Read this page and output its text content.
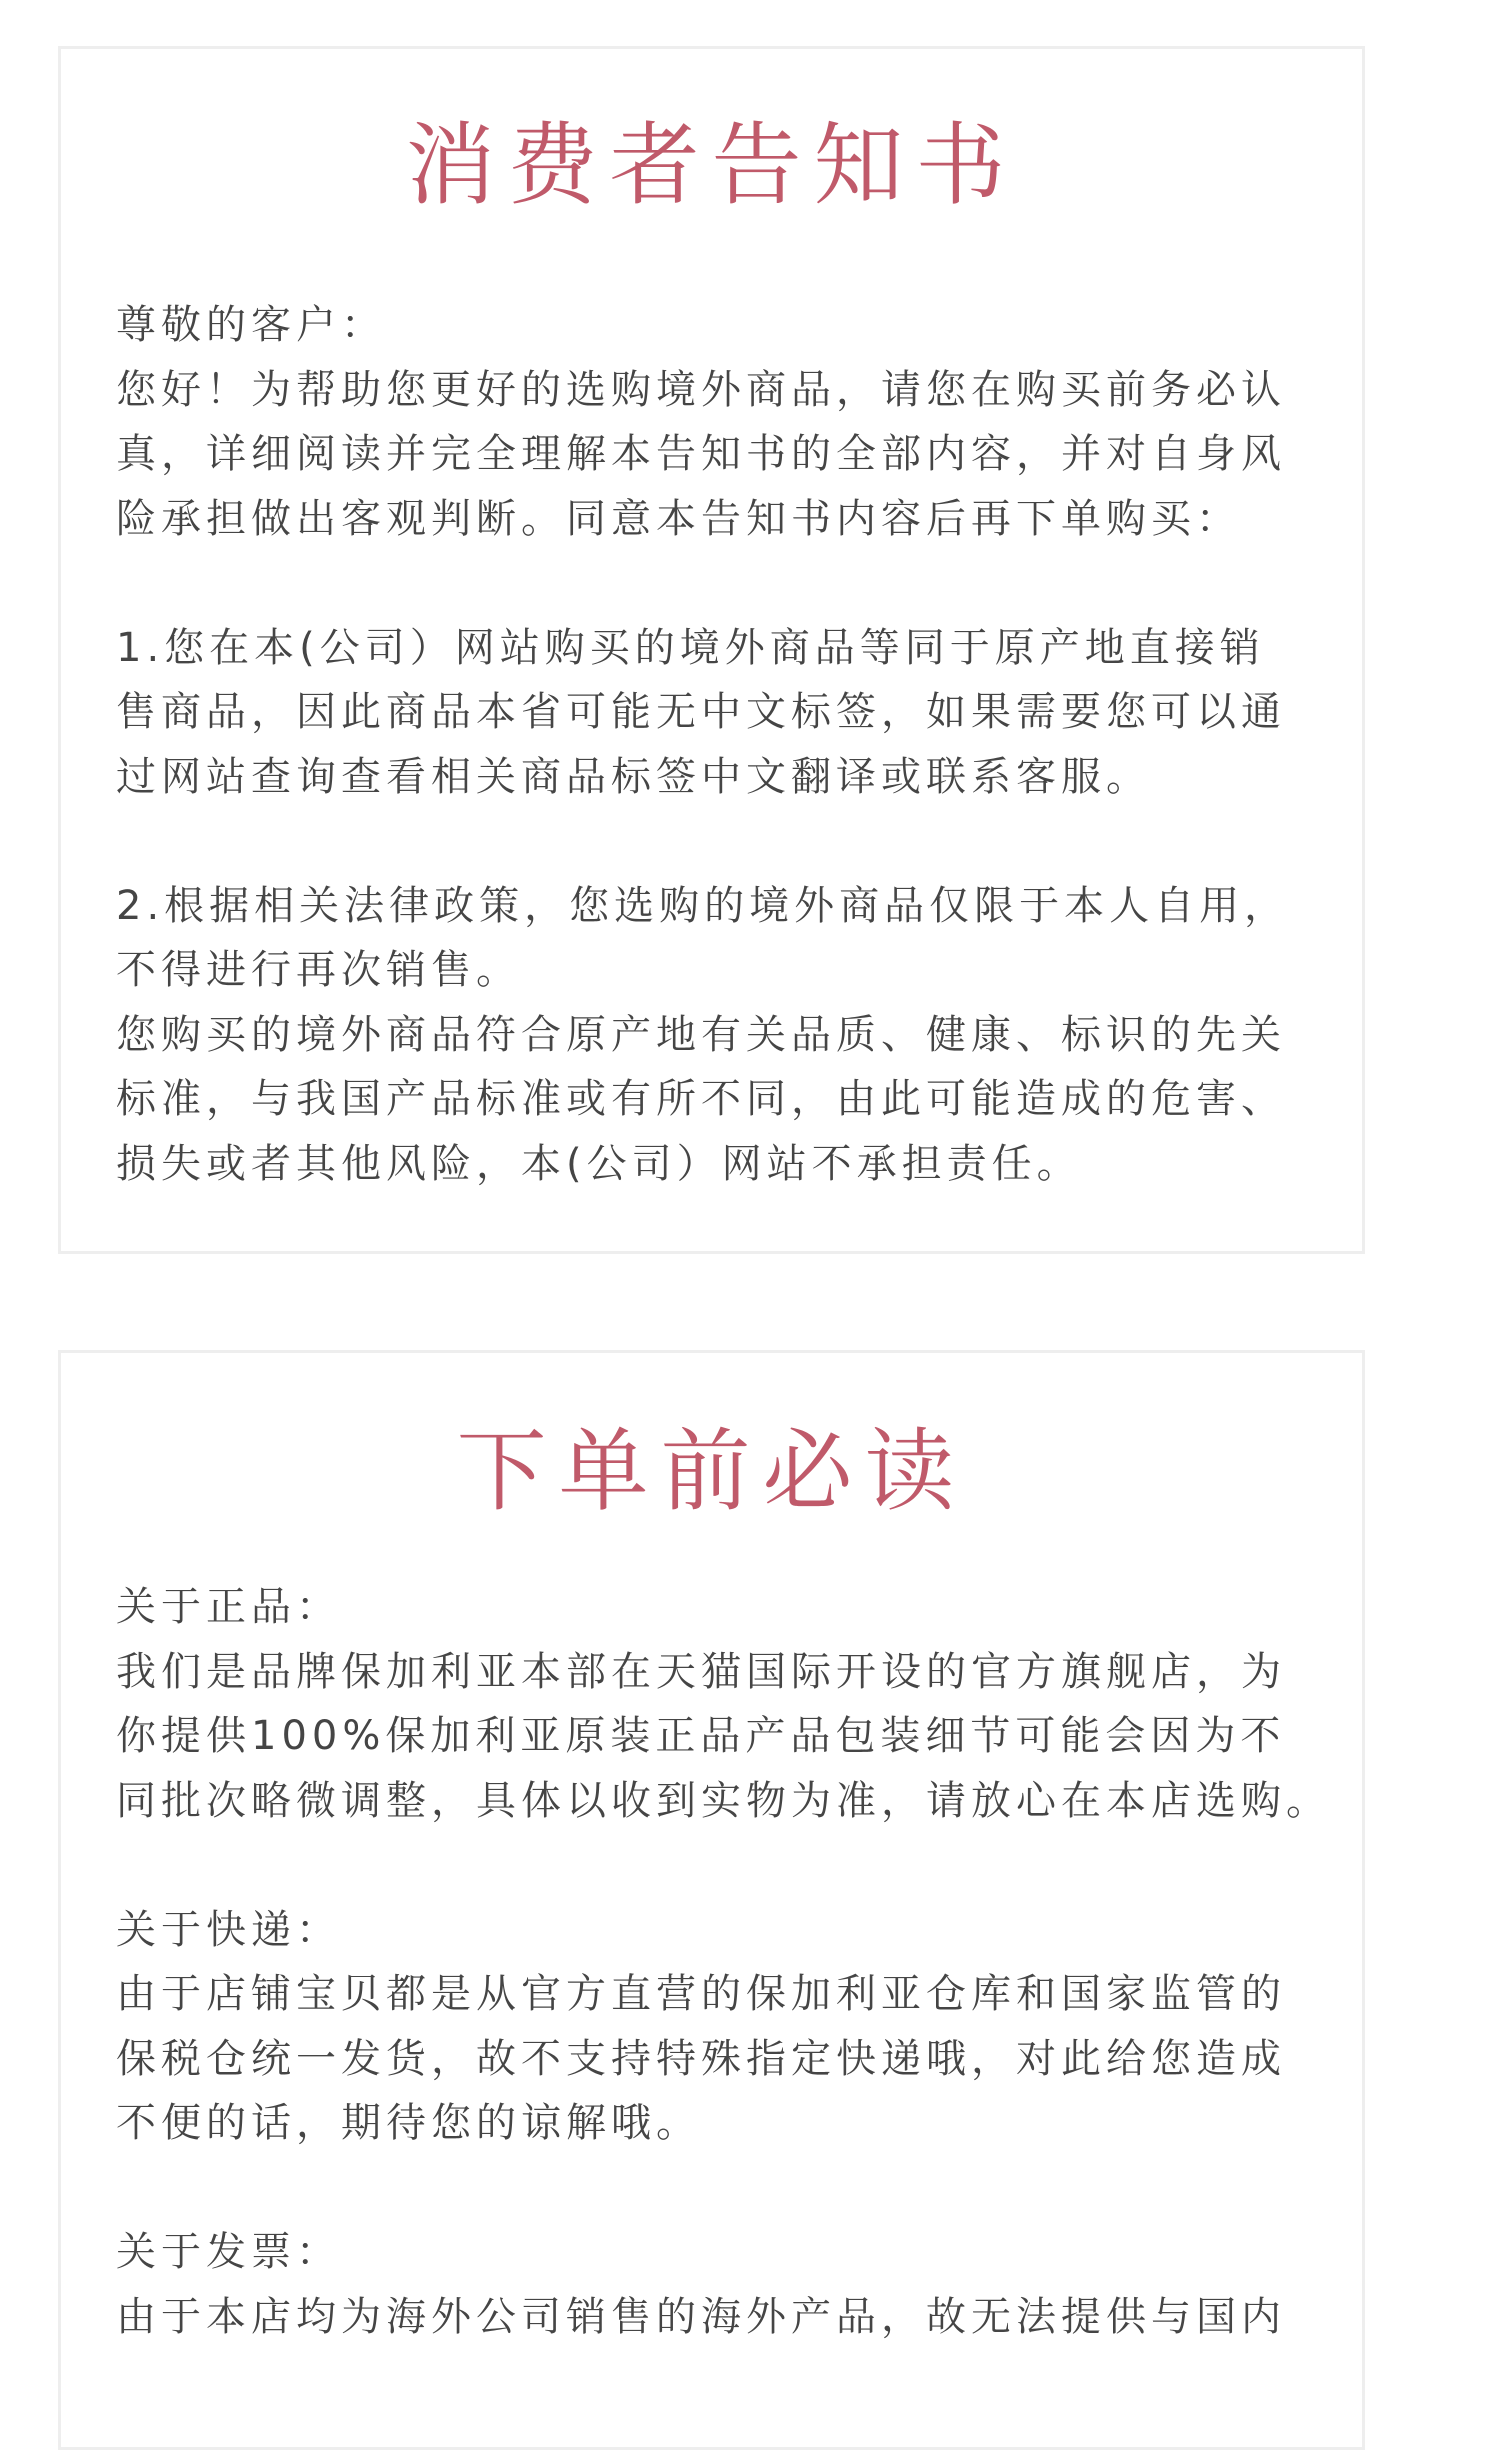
消费者告知书
尊敬的客户：
您好！为帮助您更好的选购境外商品，请您在购买前务必认
真，详细阅读并完全理解本告知书的全部内容，并对自身风
险承担做出客观判断。同意本告知书内容后再下单购买：
1.您在本(公司）网站购买的境外商品等同于原产地直接销
售商品，因此商品本省可能无中文标签，如果需要您可以通
过网站查询查看相关商品标签中文翻译或联系客服。
2.根据相关法律政策，您选购的境外商品仅限于本人自用，
不得进行再次销售。
您购买的境外商品符合原产地有关品质、健康、标识的先关
标准，与我国产品标准或有所不同，由此可能造成的危害、
损失或者其他风险，本(公司）网站不承担责任。
下单前必读
关于正品：
我们是品牌保加利亚本部在天猫国际开设的官方旗舰店，为
你提供100%保加利亚原装正品产品包装细节可能会因为不
同批次略微调整，具体以收到实物为准，请放心在本店选购。
关于快递：
由于店铺宝贝都是从官方直营的保加利亚仓库和国家监管的
保税仓统一发货，故不支持特殊指定快递哦，对此给您造成
不便的话，期待您的谅解哦。
关于发票：
由于本店均为海外公司销售的海外产品，故无法提供与国内
